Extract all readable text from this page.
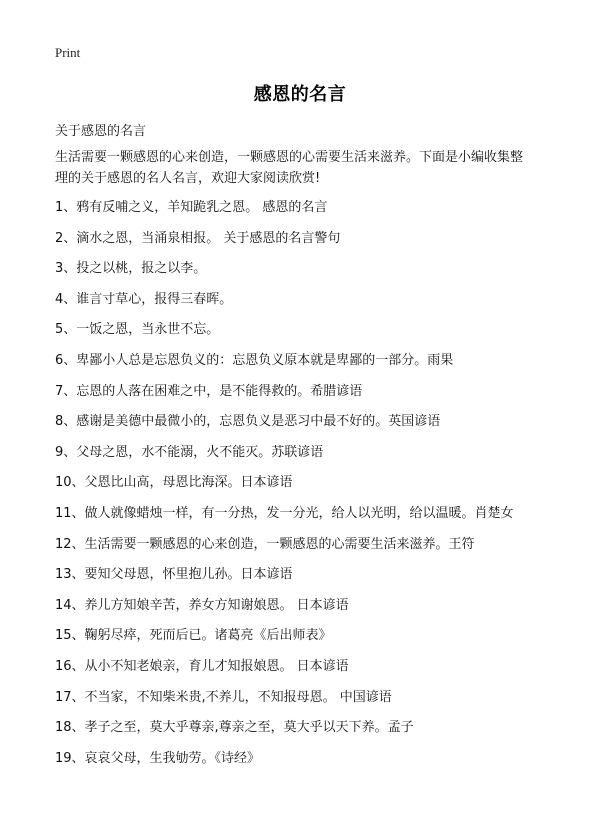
Print
感恩的名言
关于感恩的名言
生活需要一颗感恩的心来创造，一颗感恩的心需要生活来滋养。下面是小编收集整
理的关于感恩的名人名言，欢迎大家阅读欣赏!
1、鸦有反哺之义，羊知跪乳之恩。 感恩的名言
2、滴水之恩，当涌泉相报。 关于感恩的名言警句
3、投之以桃，报之以李。
4、谁言寸草心，报得三春晖。
5、一饭之恩，当永世不忘。
6、卑鄙小人总是忘恩负义的：忘恩负义原本就是卑鄙的一部分。雨果
7、忘恩的人落在困难之中，是不能得救的。希腊谚语
8、感谢是美德中最微小的，忘恩负义是恶习中最不好的。英国谚语
9、父母之恩，水不能溺，火不能灭。苏联谚语
10、父恩比山高，母恩比海深。日本谚语
11、做人就像蜡烛一样，有一分热，发一分光，给人以光明，给以温暖。肖楚女
12、生活需要一颗感恩的心来创造，一颗感恩的心需要生活来滋养。王符
13、要知父母恩，怀里抱儿孙。日本谚语
14、养儿方知娘辛苦，养女方知谢娘恩。 日本谚语
15、鞠躬尽瘁，死而后已。诸葛亮《后出师表》
16、从小不知老娘亲，育儿才知报娘恩。 日本谚语
17、不当家，不知柴米贵,不养儿，不知报母恩。 中国谚语
18、孝子之至，莫大乎尊亲,尊亲之至，莫大乎以天下养。孟子
19、哀哀父母，生我劬劳。《诗经》
